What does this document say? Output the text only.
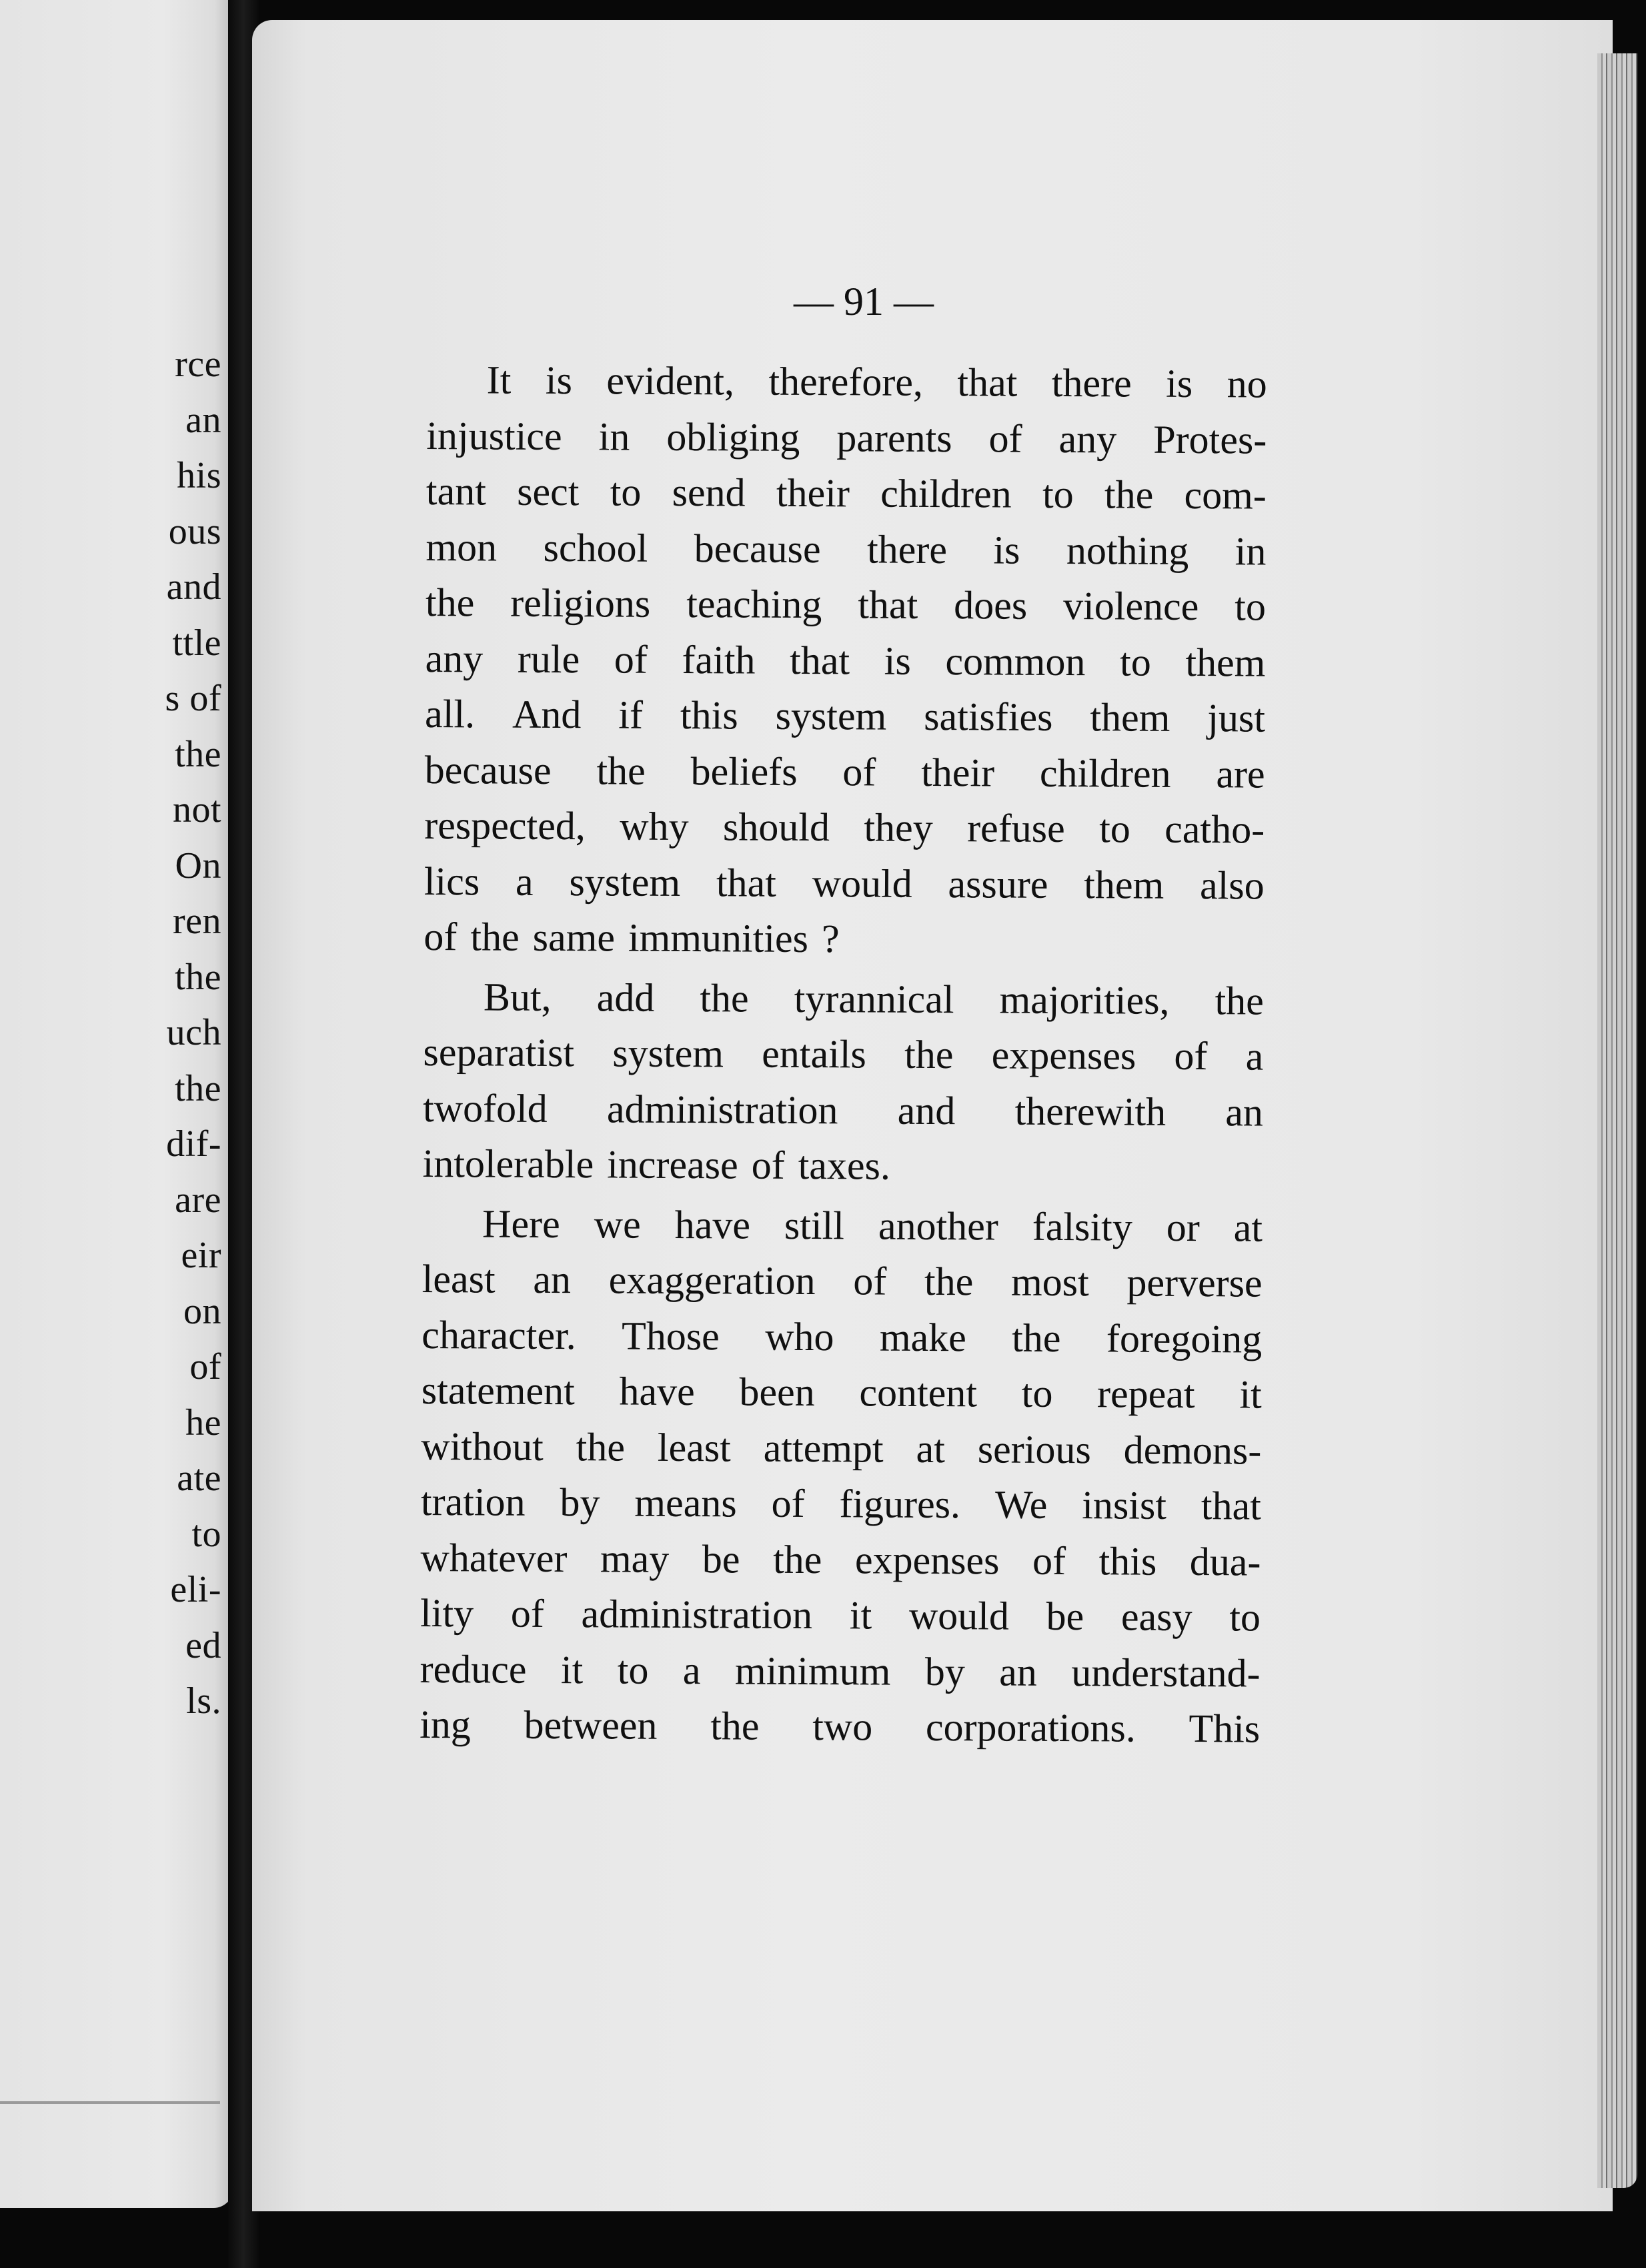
rce
an
his
ous
and
ttle
s of
the
not
On
ren
the
uch
the
dif-
are
eir
on
of
he
ate
to
eli-
ed
ls.
— 91 —
It is evident, therefore, that there is no
injustice in obliging parents of any Protes-
tant sect to send their children to the com-
mon school because there is nothing in
the religions teaching that does violence to
any rule of faith that is common to them
all. And if this system satisfies them just
because the beliefs of their children are
respected, why should they refuse to catho-
lics a system that would assure them also
of the same immunities ?
But, add the tyrannical majorities, the
separatist system entails the expenses of a
twofold administration and therewith an
intolerable increase of taxes.
Here we have still another falsity or at
least an exaggeration of the most perverse
character. Those who make the foregoing
statement have been content to repeat it
without the least attempt at serious demons-
tration by means of figures. We insist that
whatever may be the expenses of this dua-
lity of administration it would be easy to
reduce it to a minimum by an understand-
ing between the two corporations. This
